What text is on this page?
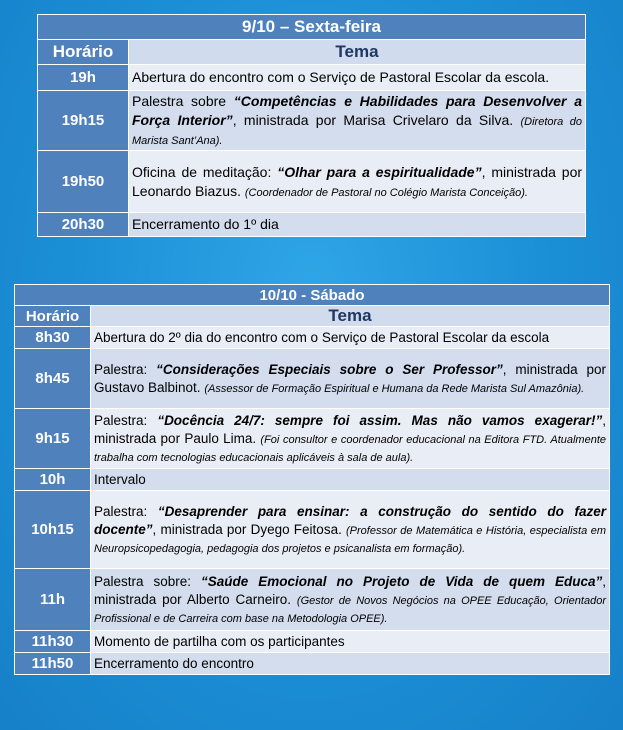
9/10 – Sexta-feira	
Horário	Tema
19h	Abertura do encontro com o Serviço de Pastoral Escolar da escola.
19h15	Palestra sobre “Competências e Habilidades para Desenvolver a Força Interior”, ministrada por Marisa Crivelaro da Silva. (Diretora do Marista Sant’Ana).
19h50	Oficina de meditação: “Olhar para a espiritualidade”, ministrada por Leonardo Biazus. (Coordenador de Pastoral no Colégio Marista Conceição).
20h30	Encerramento do 1º dia
10/10 - Sábado	
Horário	Tema
8h30	Abertura do 2º dia do encontro com o Serviço de Pastoral Escolar da escola
8h45	Palestra: “Considerações Especiais sobre o Ser Professor”, ministrada por Gustavo Balbinot. (Assessor de Formação Espiritual e Humana da Rede Marista Sul Amazônia).
9h15	Palestra: “Docência 24/7: sempre foi assim. Mas não vamos exagerar!”, ministrada por Paulo Lima. (Foi consultor e coordenador educacional na Editora FTD. Atualmente trabalha com tecnologias educacionais aplicáveis à sala de aula).
10h	Intervalo
10h15	Palestra: “Desaprender para ensinar: a construção do sentido do fazer docente”, ministrada por Dyego Feitosa. (Professor de Matemática e História, especialista em Neuropsicopedagogia, pedagogia dos projetos e psicanalista em formação).
11h	Palestra sobre: “Saúde Emocional no Projeto de Vida de quem Educa”, ministrada por Alberto Carneiro. (Gestor de Novos Negócios na OPEE Educação, Orientador Profissional e de Carreira com base na Metodologia OPEE).
11h30	Momento de partilha com os participantes
11h50	Encerramento do encontro
